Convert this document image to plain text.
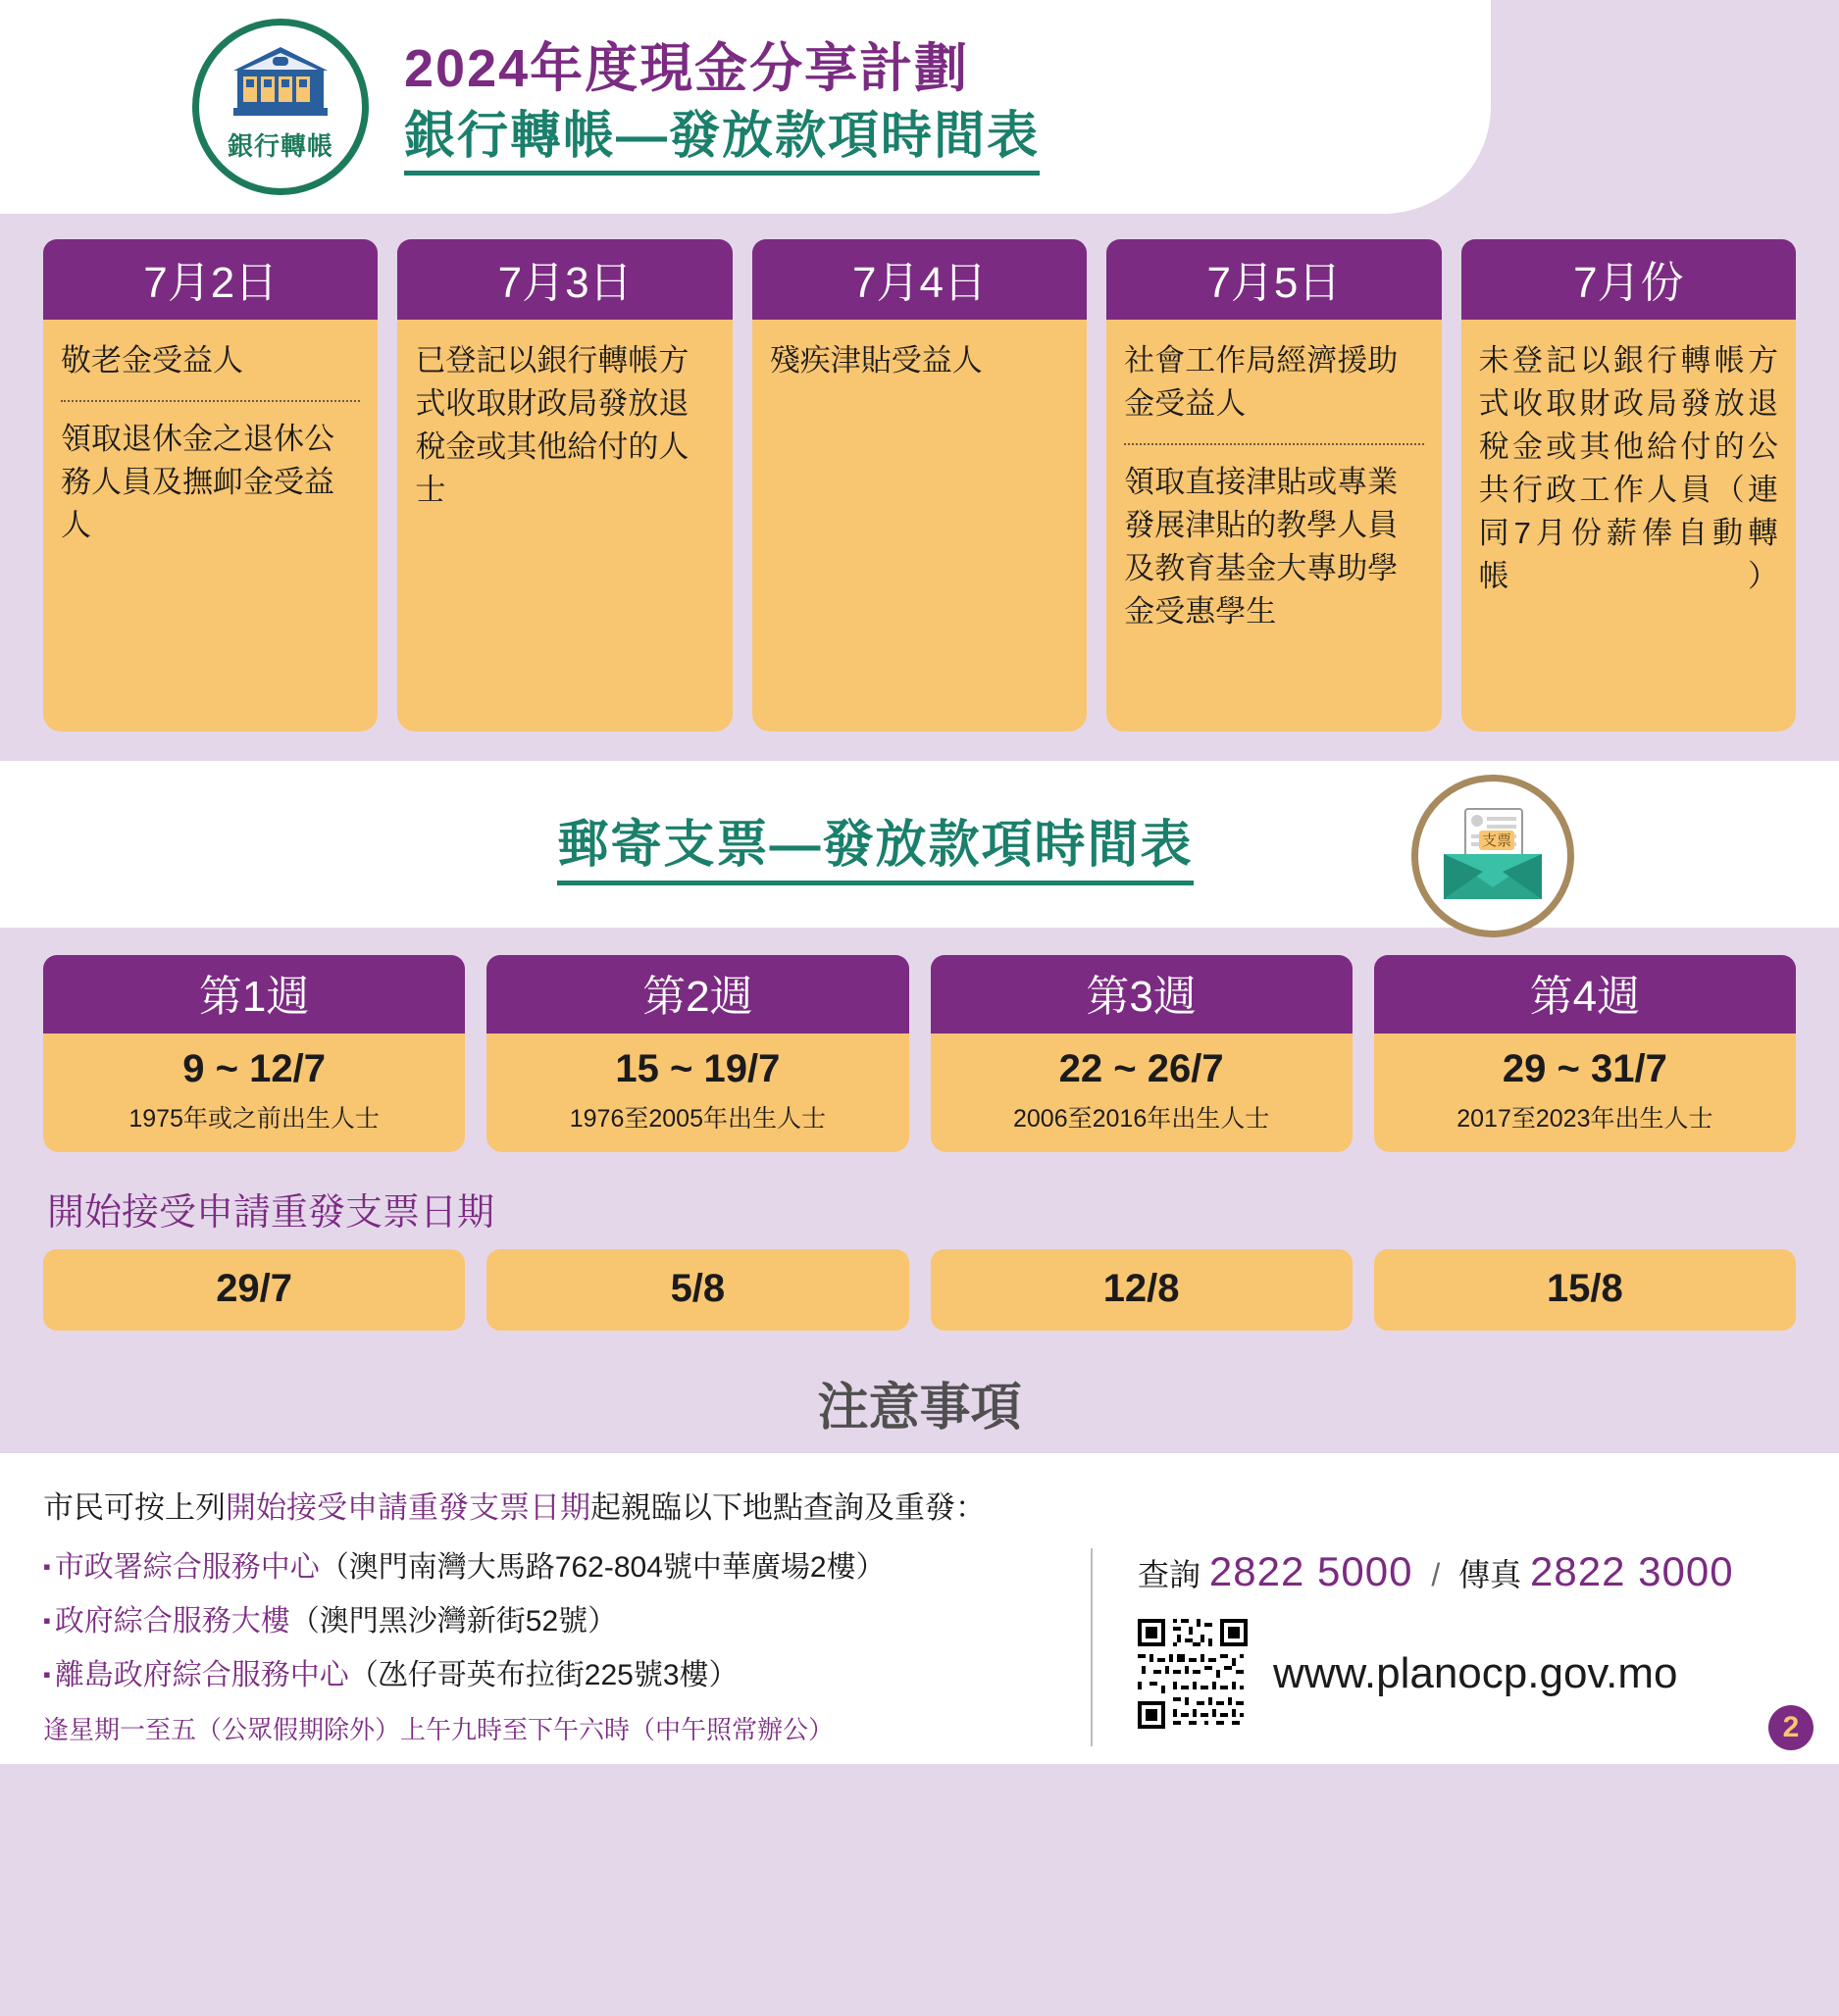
銀行轉帳
2024年度現金分享計劃
銀行轉帳—發放款項時間表
7月2日

敬老金受益人

領取退休金之退休公務人員及撫卹金受益人

7月3日

已登記以銀行轉帳方式收取財政局發放退稅金或其他給付的人士

7月4日

殘疾津貼受益人

7月5日

社會工作局經濟援助金受益人

領取直接津貼或專業發展津貼的教學人員及教育基金大專助學金受惠學生

7月份

未登記以銀行轉帳方式收取財政局發放退稅金或其他給付的公共行政工作人員（連同7月份薪俸自動轉帳）

郵寄支票—發放款項時間表	支票
第1週
9 ~ 12/7
1975年或之前出生人士
第2週
15 ~ 19/7
1976至2005年出生人士
第3週
22 ~ 26/7
2006至2016年出生人士
第4週
29 ~ 31/7
2017至2023年出生人士
開始接受申請重發支票日期
29/7	5/8	12/8	15/8
注意事項
市民可按上列開始接受申請重發支票日期起親臨以下地點查詢及重發：
▪ 市政署綜合服務中心（澳門南灣大馬路762-804號中華廣場2樓）
▪ 政府綜合服務大樓（澳門黑沙灣新街52號）
▪ 離島政府綜合服務中心（氹仔哥英布拉街225號3樓）
逢星期一至五（公眾假期除外）上午九時至下午六時（中午照常辦公）
查詢 2822 5000 / 傳真 2822 3000
www.planocp.gov.mo
2
